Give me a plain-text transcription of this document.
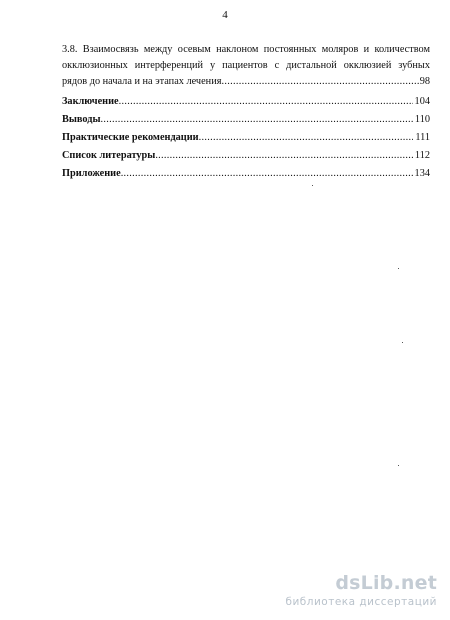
4
3.8. Взаимосвязь между осевым наклоном постоянных моляров и количеством
окклюзионных интерференций у пациентов с дистальной окклюзией зубных
рядов до начала и на этапах лечения .....	98
Заключение .....	104
Выводы .....	110
Практические рекомендации .....	111
Список литературы .....	112
Приложение .....	134
dsLib.net
библиотека диссертаций
